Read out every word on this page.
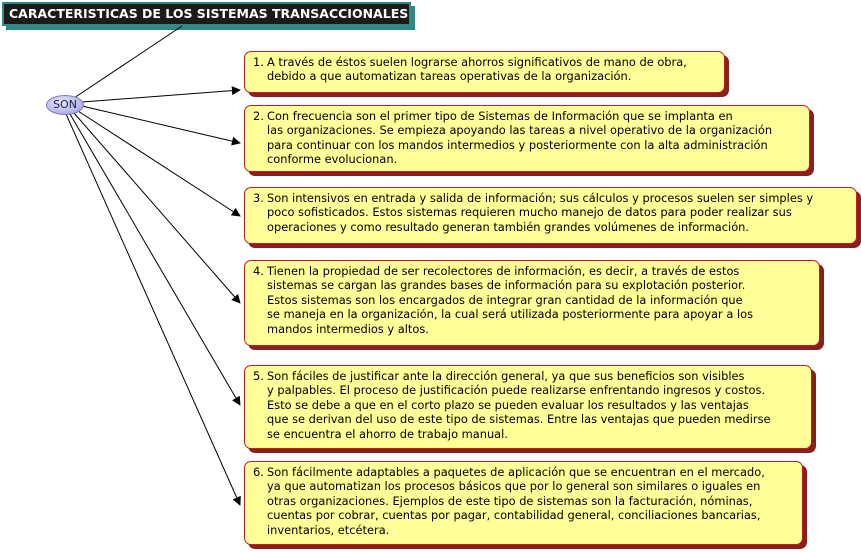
CARACTERISTICAS DE LOS SISTEMAS TRANSACCIONALES
SON
1. A través de éstos suelen lograrse ahorros significativos de mano de obra,
debido a que automatizan tareas operativas de la organización.
2. Con frecuencia son el primer tipo de Sistemas de Información que se implanta en
las organizaciones. Se empieza apoyando las tareas a nivel operativo de la organización
para continuar con los mandos intermedios y posteriormente con la alta administración
conforme evolucionan.
3. Son intensivos en entrada y salida de información; sus cálculos y procesos suelen ser simples y
poco sofisticados. Estos sistemas requieren mucho manejo de datos para poder realizar sus
operaciones y como resultado generan también grandes volúmenes de información.
4. Tienen la propiedad de ser recolectores de información, es decir, a través de estos
sistemas se cargan las grandes bases de información para su explotación posterior.
Estos sistemas son los encargados de integrar gran cantidad de la información que
se maneja en la organización, la cual será utilizada posteriormente para apoyar a los
mandos intermedios y altos.
5. Son fáciles de justificar ante la dirección general, ya que sus beneficios son visibles
y palpables. El proceso de justificación puede realizarse enfrentando ingresos y costos.
Esto se debe a que en el corto plazo se pueden evaluar los resultados y las ventajas
que se derivan del uso de este tipo de sistemas. Entre las ventajas que pueden medirse
se encuentra el ahorro de trabajo manual.
6. Son fácilmente adaptables a paquetes de aplicación que se encuentran en el mercado,
ya que automatizan los procesos básicos que por lo general son similares o iguales en
otras organizaciones. Ejemplos de este tipo de sistemas son la facturación, nóminas,
cuentas por cobrar, cuentas por pagar, contabilidad general, conciliaciones bancarias,
inventarios, etcétera.
